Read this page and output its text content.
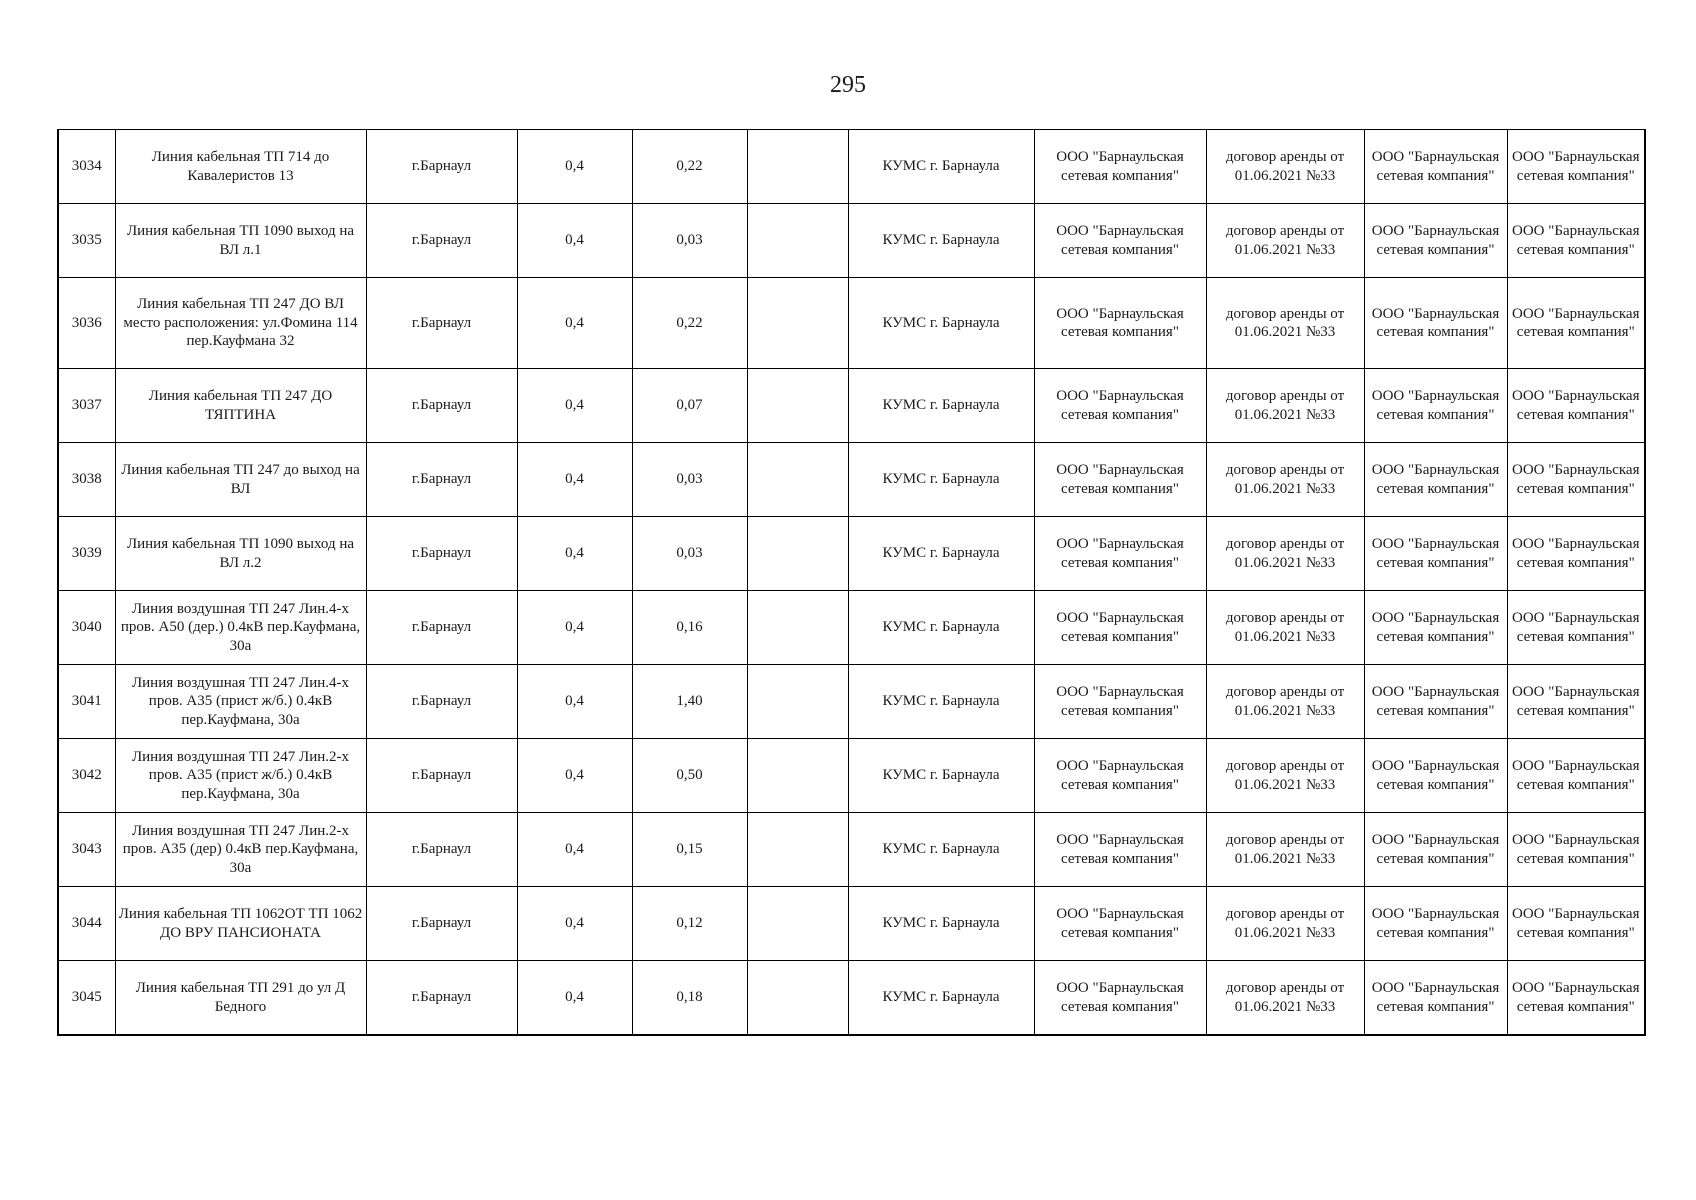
295
3034	Линия кабельная ТП 714 до Кавалеристов 13	г.Барнаул	0,4	0,22		КУМС г. Барнаула	ООО "Барнаульская сетевая компания"	договор аренды от 01.06.2021 №33	ООО "Барнаульская сетевая компания"	ООО "Барнаульская сетевая компания"
3035	Линия кабельная ТП 1090 выход на ВЛ л.1	г.Барнаул	0,4	0,03		КУМС г. Барнаула	ООО "Барнаульская сетевая компания"	договор аренды от 01.06.2021 №33	ООО "Барнаульская сетевая компания"	ООО "Барнаульская сетевая компания"
3036	Линия кабельная ТП 247 ДО ВЛ место расположения: ул.Фомина 114 пер.Кауфмана 32	г.Барнаул	0,4	0,22		КУМС г. Барнаула	ООО "Барнаульская сетевая компания"	договор аренды от 01.06.2021 №33	ООО "Барнаульская сетевая компания"	ООО "Барнаульская сетевая компания"
3037	Линия кабельная ТП 247 ДО ТЯПТИНА	г.Барнаул	0,4	0,07		КУМС г. Барнаула	ООО "Барнаульская сетевая компания"	договор аренды от 01.06.2021 №33	ООО "Барнаульская сетевая компания"	ООО "Барнаульская сетевая компания"
3038	Линия кабельная ТП 247 до выход на ВЛ	г.Барнаул	0,4	0,03		КУМС г. Барнаула	ООО "Барнаульская сетевая компания"	договор аренды от 01.06.2021 №33	ООО "Барнаульская сетевая компания"	ООО "Барнаульская сетевая компания"
3039	Линия кабельная ТП 1090 выход на ВЛ л.2	г.Барнаул	0,4	0,03		КУМС г. Барнаула	ООО "Барнаульская сетевая компания"	договор аренды от 01.06.2021 №33	ООО "Барнаульская сетевая компания"	ООО "Барнаульская сетевая компания"
3040	Линия воздушная ТП 247 Лин.4-х пров. А50 (дер.) 0.4кВ пер.Кауфмана, 30а	г.Барнаул	0,4	0,16		КУМС г. Барнаула	ООО "Барнаульская сетевая компания"	договор аренды от 01.06.2021 №33	ООО "Барнаульская сетевая компания"	ООО "Барнаульская сетевая компания"
3041	Линия воздушная ТП 247 Лин.4-х пров. А35 (прист ж/б.) 0.4кВ пер.Кауфмана, 30а	г.Барнаул	0,4	1,40		КУМС г. Барнаула	ООО "Барнаульская сетевая компания"	договор аренды от 01.06.2021 №33	ООО "Барнаульская сетевая компания"	ООО "Барнаульская сетевая компания"
3042	Линия воздушная ТП 247 Лин.2-х пров. А35 (прист ж/б.) 0.4кВ пер.Кауфмана, 30а	г.Барнаул	0,4	0,50		КУМС г. Барнаула	ООО "Барнаульская сетевая компания"	договор аренды от 01.06.2021 №33	ООО "Барнаульская сетевая компания"	ООО "Барнаульская сетевая компания"
3043	Линия воздушная ТП 247 Лин.2-х пров. А35 (дер) 0.4кВ пер.Кауфмана, 30а	г.Барнаул	0,4	0,15		КУМС г. Барнаула	ООО "Барнаульская сетевая компания"	договор аренды от 01.06.2021 №33	ООО "Барнаульская сетевая компания"	ООО "Барнаульская сетевая компания"
3044	Линия кабельная ТП 1062ОТ ТП 1062 ДО ВРУ ПАНСИОНАТА	г.Барнаул	0,4	0,12		КУМС г. Барнаула	ООО "Барнаульская сетевая компания"	договор аренды от 01.06.2021 №33	ООО "Барнаульская сетевая компания"	ООО "Барнаульская сетевая компания"
3045	Линия кабельная ТП 291 до ул Д Бедного	г.Барнаул	0,4	0,18		КУМС г. Барнаула	ООО "Барнаульская сетевая компания"	договор аренды от 01.06.2021 №33	ООО "Барнаульская сетевая компания"	ООО "Барнаульская сетевая компания"
